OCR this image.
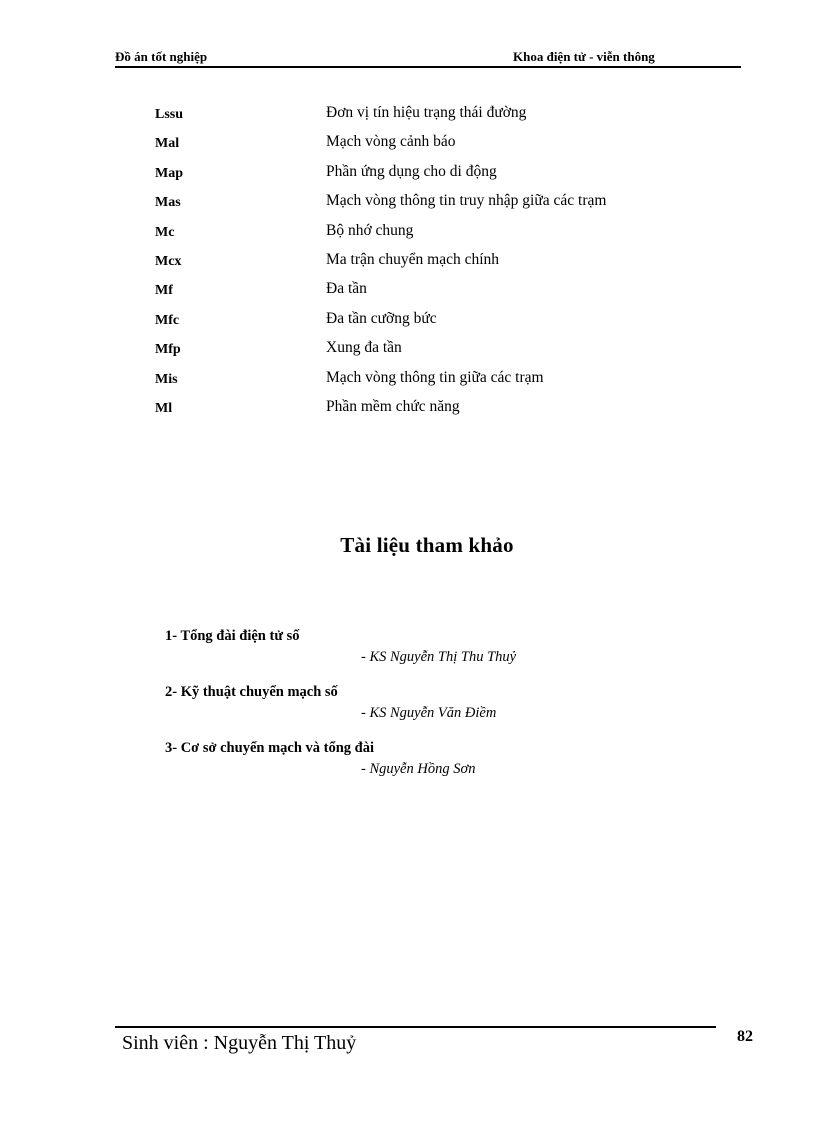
Đồ án tốt nghiệp	Khoa điện tử - viễn thông
Lssu	Đơn vị tín hiệu trạng thái đường
Mal	Mạch vòng cảnh báo
Map	Phần ứng dụng cho di động
Mas	Mạch vòng thông tin truy nhập giữa các trạm
Mc	Bộ nhớ chung
Mcx	Ma trận chuyển mạch chính
Mf	Đa tần
Mfc	Đa tần cưỡng bức
Mfp	Xung đa tần
Mis	Mạch vòng thông tin giữa các trạm
Ml	Phần mềm chức năng
Tài liệu tham khảo
1- Tổng đài điện tử số
- KS Nguyễn Thị Thu Thuỷ
2- Kỹ thuật chuyển mạch số
- KS Nguyễn Văn Điềm
3- Cơ sở chuyển mạch và tổng đài
- Nguyễn Hồng Sơn
Sinh viên : Nguyễn Thị Thuỷ	82
